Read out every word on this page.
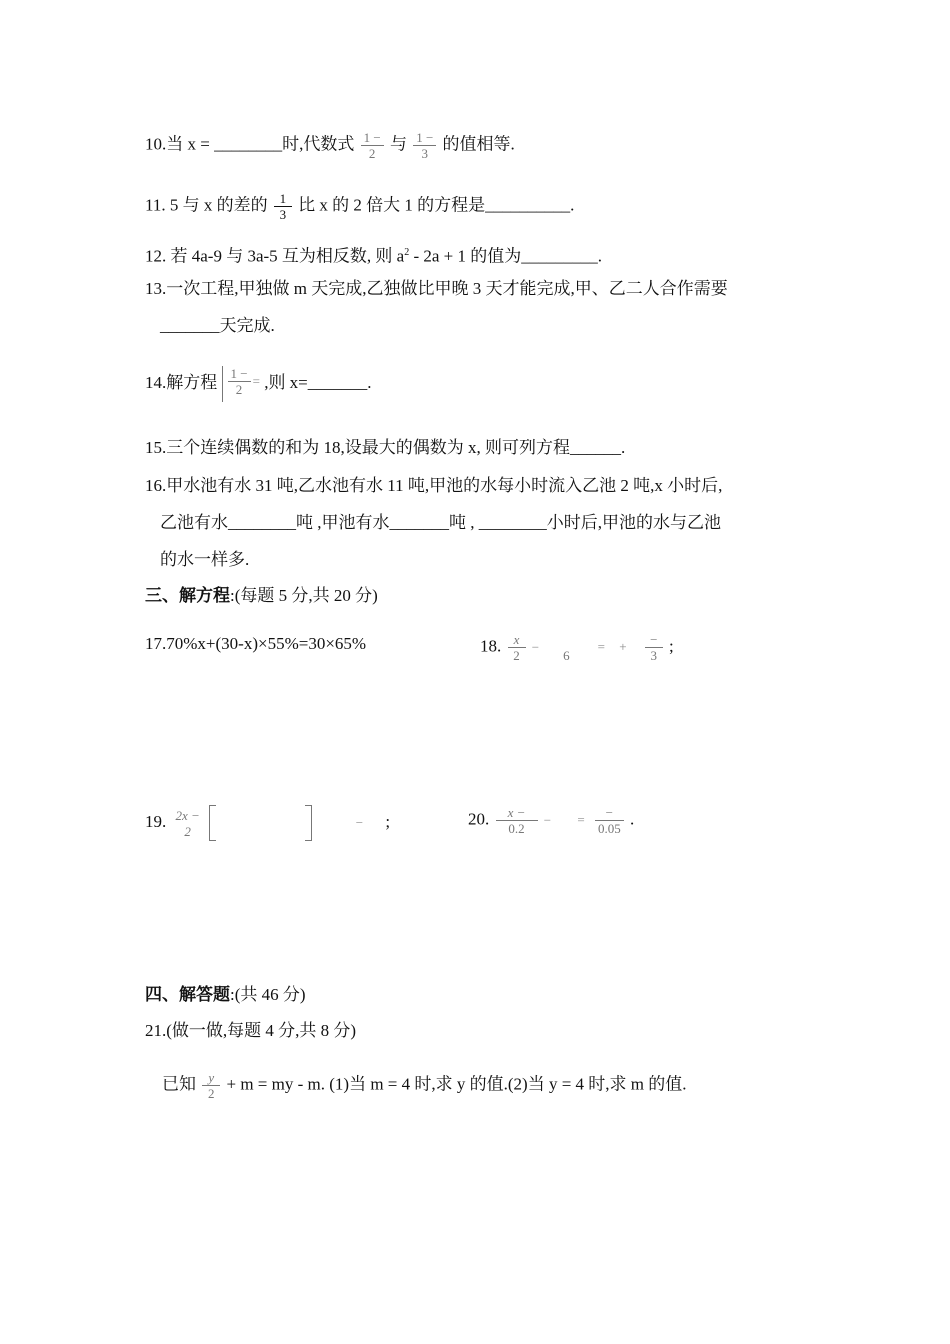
10.当 x = ________时,代数式 $\frac{1 -}{2}$ 与 $\frac{1 -}{3}$ 的值相等.
11. 5 与 x 的差的 $\frac{1}{3}$ 比 x 的 2 倍大 1 的方程是__________.
12. 若 4a-9 与 3a-5 互为相反数, 则 $a^2 - 2a + 1$ 的值为_________.
13.一次工程,甲独做 m 天完成,乙独做比甲晚 3 天才能完成,甲、乙二人合作需要
_______天完成.
14.解方程 $\frac{1 -}{2}$ = ,则 x=_______.
15.三个连续偶数的和为 18,设最大的偶数为 x, 则可列方程______.
16.甲水池有水 31 吨,乙水池有水 11 吨,甲池的水每小时流入乙池 2 吨,x 小时后,
乙池有水________吨 ,甲池有水_______吨 , ________小时后,甲池的水与乙池
的水一样多.
三、解方程:(每题 5 分,共 20 分)
17.70%x+(30-x)×55%=30×65%	18. $\frac{x}{2}$ −

6
= + $\frac{-}{3}$ ;
19. 2x −
2
− ;	20. $\frac{x -}{0.2}$ − = $\frac{-}{0.05}$ .
四、解答题:(共 46 分)
21.(做一做,每题 4 分,共 8 分)
已知 $\frac{y}{2} + m$ = my - m. (1)当 m = 4 时,求 y 的值.(2)当 y = 4 时,求 m 的值.
